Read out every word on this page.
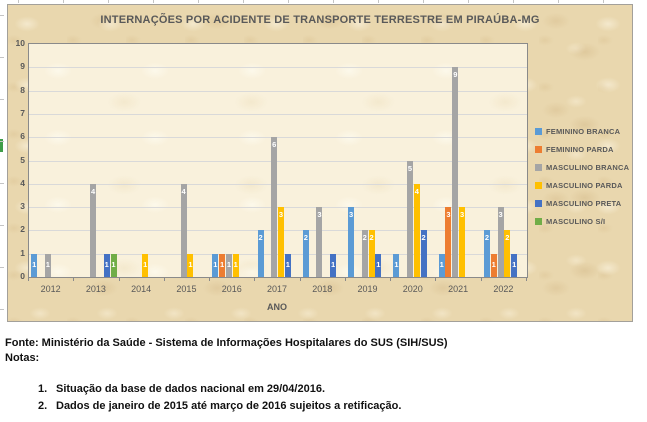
INTERNAÇÕES POR ACIDENTE DE TRANSPORTE TERRESTRE EM PIRAÚBA-MG
1	1
4
1 1	1
4
1	1 1 1 1
2
6
3
1
2
3
1
3
2 2
1	1
5
4
2
1
3
9
3
2
1
3
2
1
0
1
2
3
4
5
6
7
8
9
10
2012	2013	2014	2015	2016	2017	2018	2019	2020	2021	2022
ANO
FEMININO BRANCA
FEMININO PARDA
MASCULINO BRANCA
MASCULINO PARDA
MASCULINO PRETA
MASCULINO S/I
Fonte: Ministério da Saúde - Sistema de Informações Hospitalares do SUS (SIH/SUS)
Notas:
1. Situação da base de dados nacional em 29/04/2016.
2. Dados de janeiro de 2015 até março de 2016 sujeitos a retificação.
